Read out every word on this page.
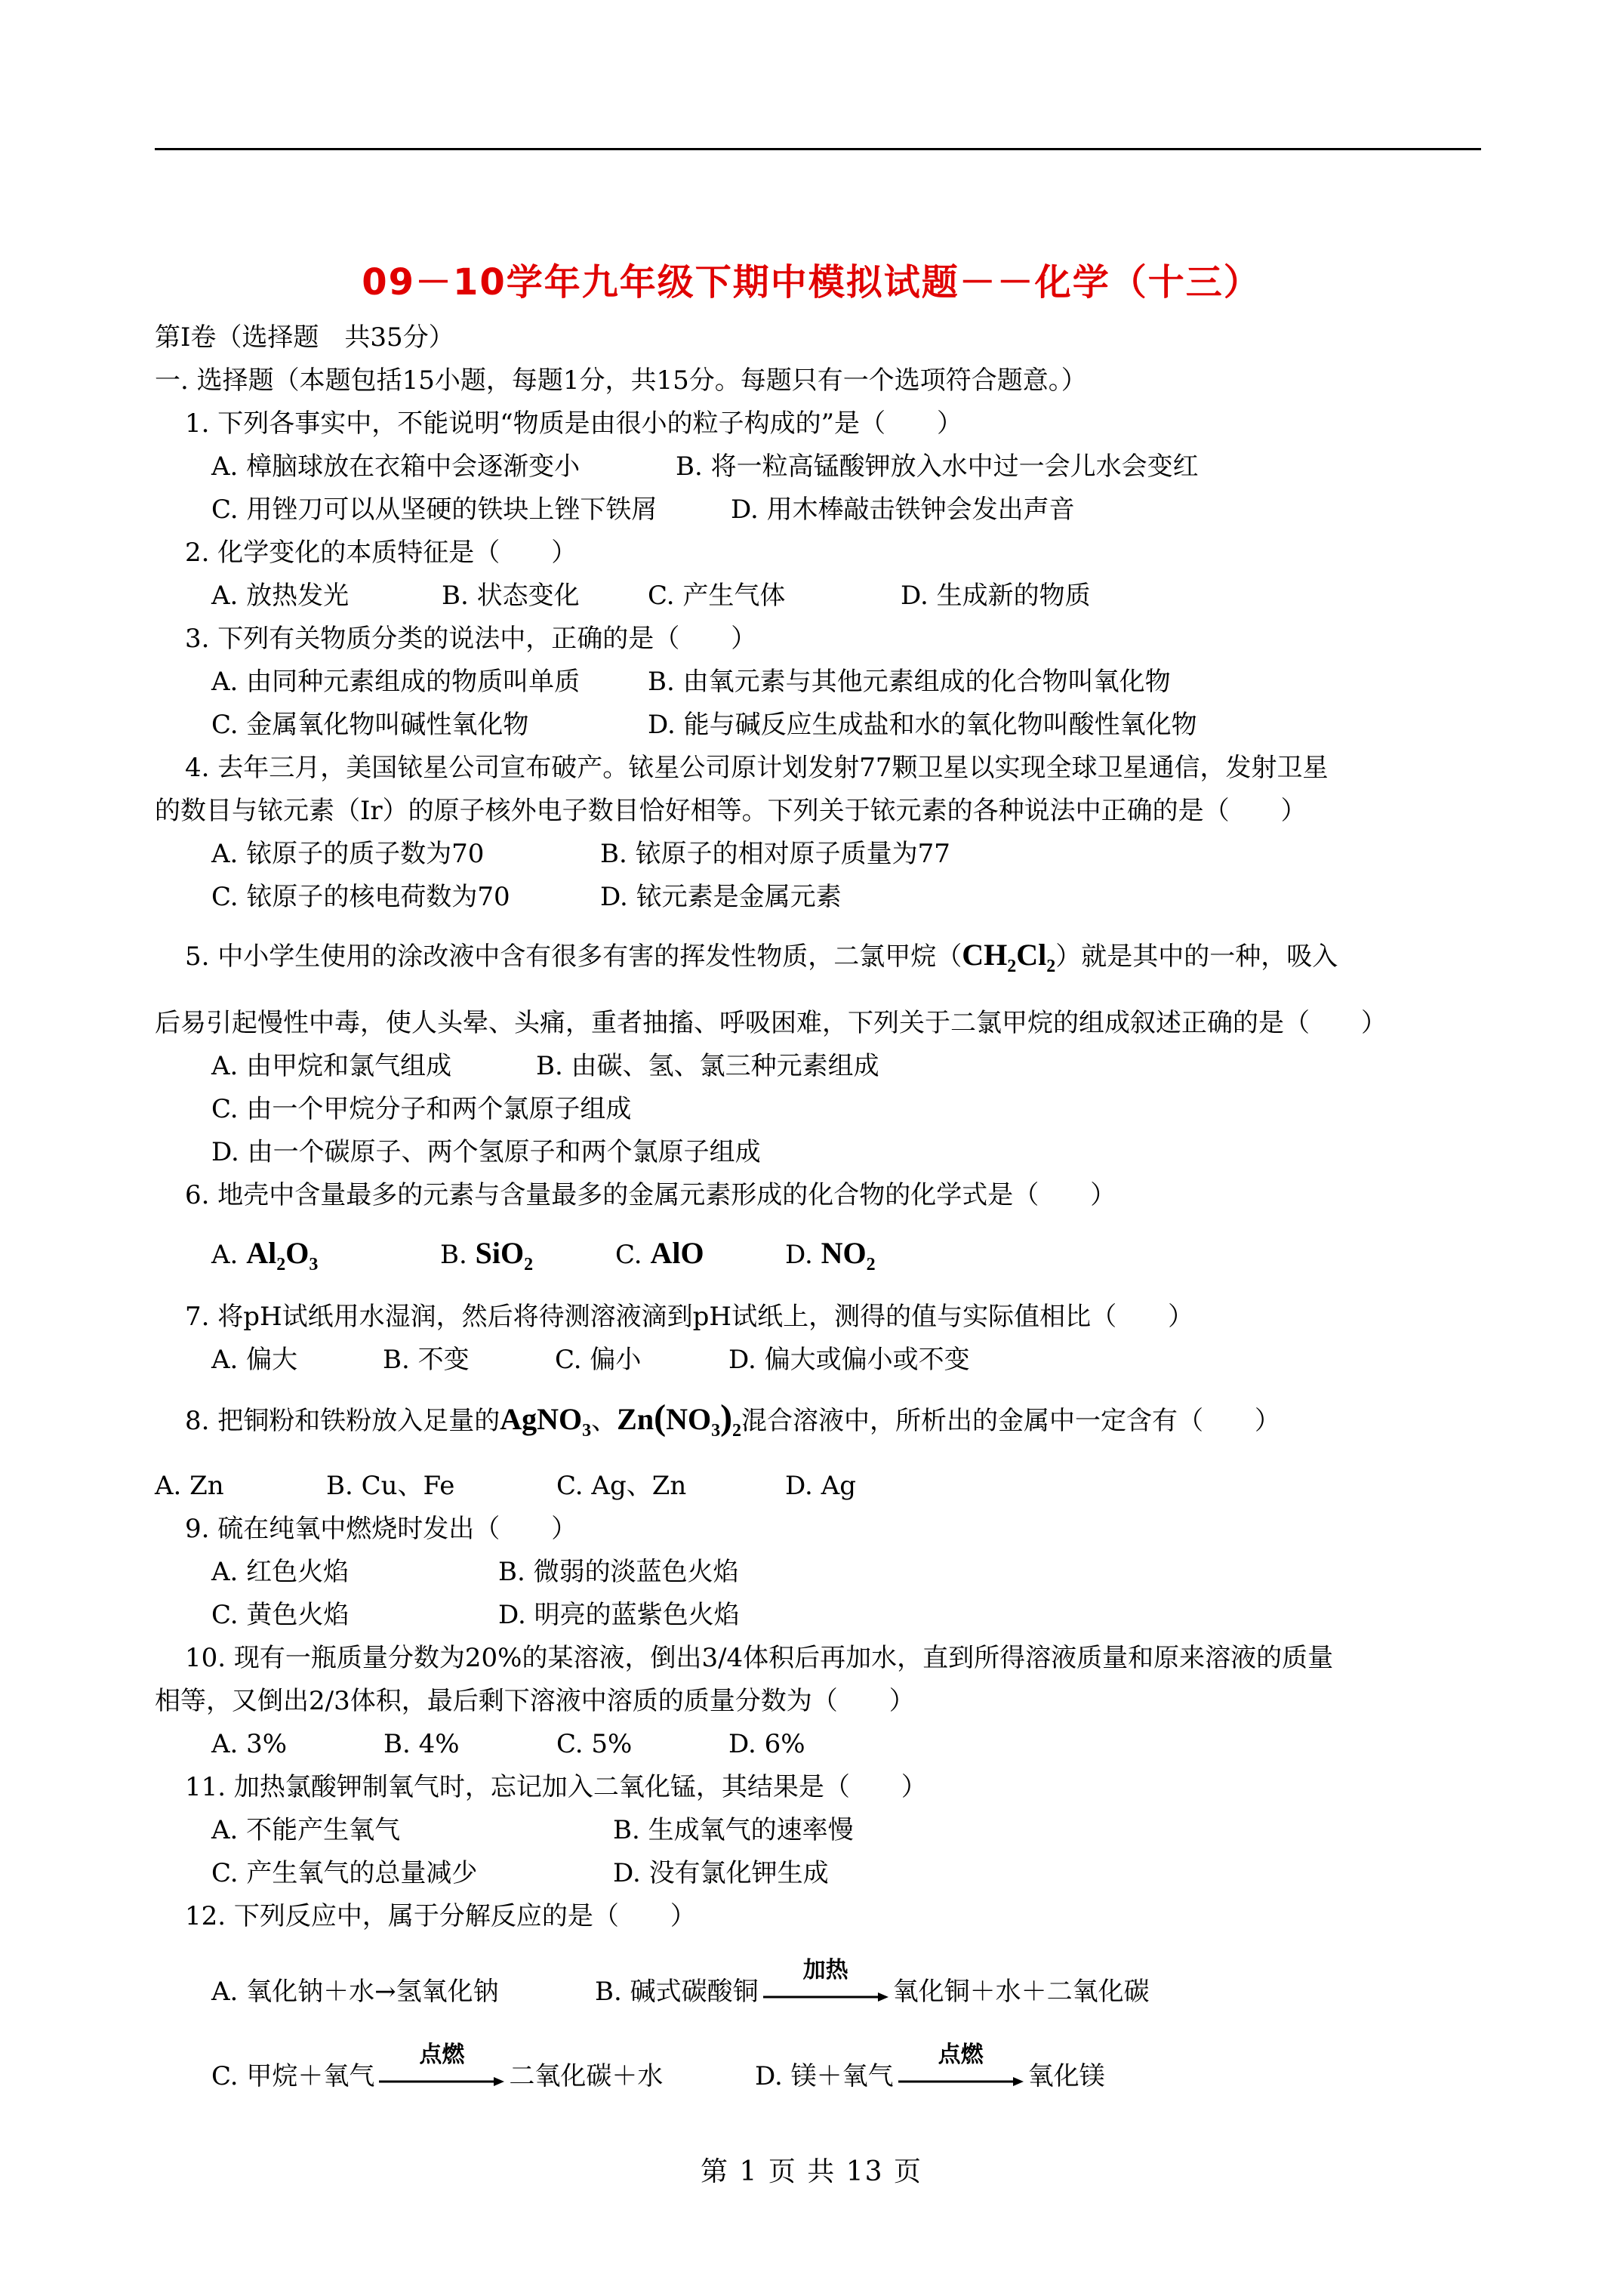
09－10学年九年级下期中模拟试题－－化学（十三）
第Ⅰ卷（选择题　共35分）
一. 选择题（本题包括15小题，每题1分，共15分。每题只有一个选项符合题意。）
1. 下列各事实中，不能说明“物质是由很小的粒子构成的”是（　　）
A. 樟脑球放在衣箱中会逐渐变小	B. 将一粒高锰酸钾放入水中过一会儿水会变红
C. 用锉刀可以从坚硬的铁块上锉下铁屑	D. 用木棒敲击铁钟会发出声音
2. 化学变化的本质特征是（　　）
A. 放热发光	B. 状态变化	C. 产生气体	D. 生成新的物质
3. 下列有关物质分类的说法中，正确的是（　　）
A. 由同种元素组成的物质叫单质	B. 由氧元素与其他元素组成的化合物叫氧化物
C. 金属氧化物叫碱性氧化物	D. 能与碱反应生成盐和水的氧化物叫酸性氧化物
4. 去年三月，美国铱星公司宣布破产。铱星公司原计划发射77颗卫星以实现全球卫星通信，发射卫星
的数目与铱元素（Ir）的原子核外电子数目恰好相等。下列关于铱元素的各种说法中正确的是（　　）
A. 铱原子的质子数为70	B. 铱原子的相对原子质量为77
C. 铱原子的核电荷数为70	D. 铱元素是金属元素
5. 中小学生使用的涂改液中含有很多有害的挥发性物质，二氯甲烷$(CH_2Cl_2)$就是其中的一种，吸入
后易引起慢性中毒，使人头晕、头痛，重者抽搐、呼吸困难，下列关于二氯甲烷的组成叙述正确的是（　　）
A. 由甲烷和氯气组成	B. 由碳、氢、氯三种元素组成
C. 由一个甲烷分子和两个氯原子组成
D. 由一个碳原子、两个氢原子和两个氯原子组成
6. 地壳中含量最多的元素与含量最多的金属元素形成的化合物的化学式是（　　）
A. $Al_2O_3$	B. SiO$_2$	C. AlO	D. $NO_2$
7. 将pH试纸用水湿润，然后将待测溶液滴到pH试纸上，测得的值与实际值相比（　　）
A. 偏大	B. 不变	C. 偏小	D. 偏大或偏小或不变
8. 把铜粉和铁粉放入足量的AgNO$_3$、$Zn(NO_3)_2$混合溶液中，所析出的金属中一定含有（　　）
A. Zn	B. Cu、Fe	C. Ag、Zn	D. Ag
9. 硫在纯氧中燃烧时发出（　　）
A. 红色火焰	B. 微弱的淡蓝色火焰
C. 黄色火焰	D. 明亮的蓝紫色火焰
10. 现有一瓶质量分数为20%的某溶液，倒出3/4体积后再加水，直到所得溶液质量和原来溶液的质量
相等，又倒出2/3体积，最后剩下溶液中溶质的质量分数为（　　）
A. 3%	B. 4%	C. 5%	D. 6%
11. 加热氯酸钾制氧气时，忘记加入二氧化锰，其结果是（　　）
A. 不能产生氧气	B. 生成氧气的速率慢
C. 产生氧气的总量减少	D. 没有氯化钾生成
12. 下列反应中，属于分解反应的是（　　）
A. 氧化钠＋水→氢氧化钠	B. 碱式碳酸铜
加热
氧化铜＋水＋二氧化碳
C. 甲烷＋氧气
点燃
二氧化碳＋水	D. 镁＋氧气
点燃
氧化镁
第 1 页 共 13 页
